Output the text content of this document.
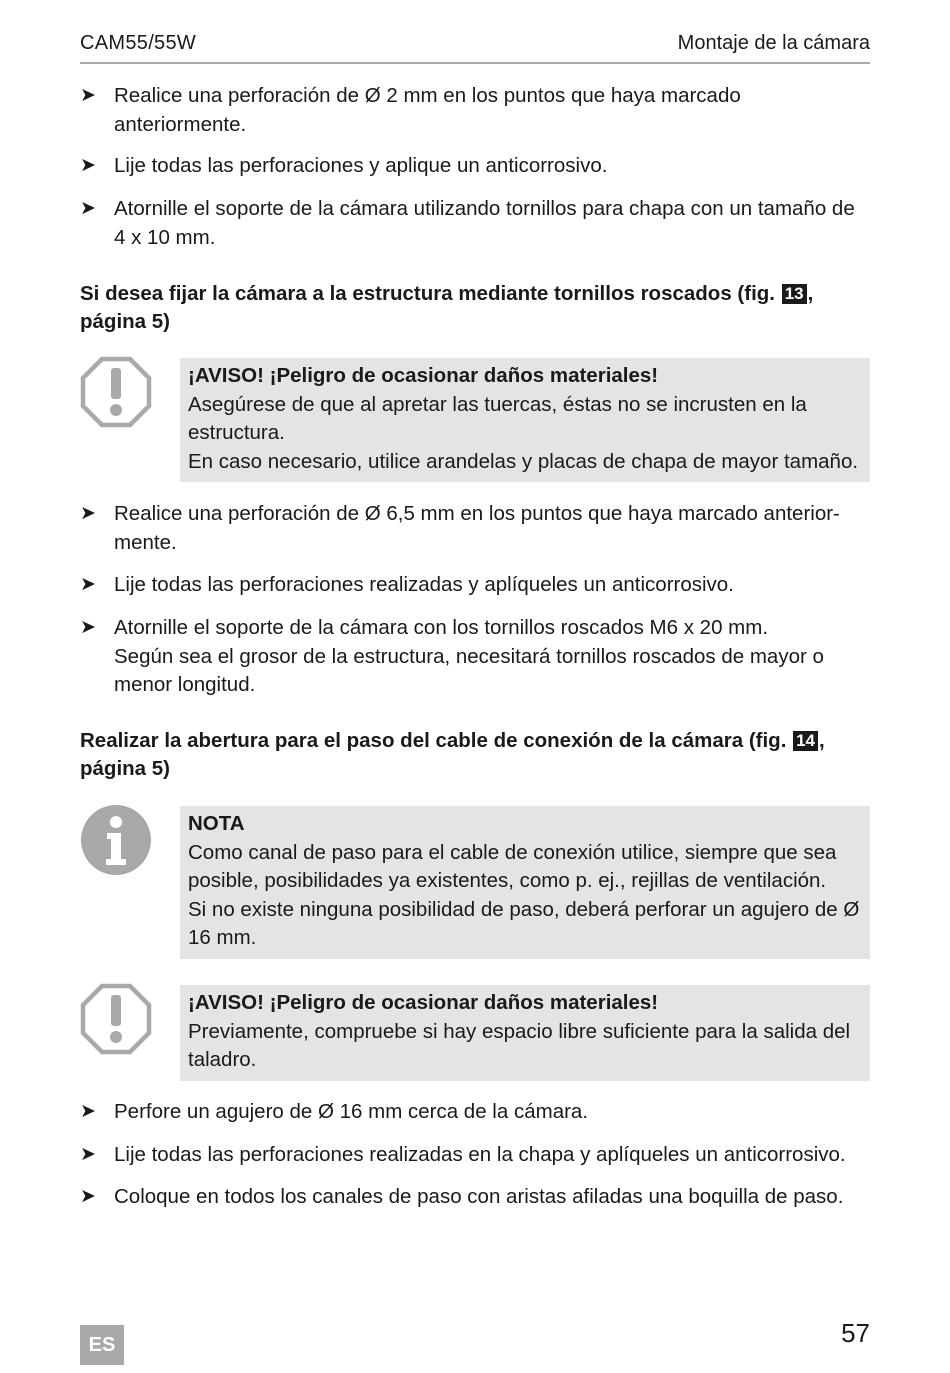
CAM55/55W	Montaje de la cámara
➤ Realice una perforación de Ø 2 mm en los puntos que haya marcado anteriormente.
➤ Lije todas las perforaciones y aplique un anticorrosivo.
➤ Atornille el soporte de la cámara utilizando tornillos para chapa con un tamaño de 4 x 10 mm.
Si desea fijar la cámara a la estructura mediante tornillos roscados (fig. 13 , página 5)
¡AVISO! ¡Peligro de ocasionar daños materiales!
Asegúrese de que al apretar las tuercas, éstas no se incrusten en la estructura.
En caso necesario, utilice arandelas y placas de chapa de mayor tamaño.
➤ Realice una perforación de Ø 6,5 mm en los puntos que haya marcado anterior-mente.
➤ Lije todas las perforaciones realizadas y aplíqueles un anticorrosivo.
➤ Atornille el soporte de la cámara con los tornillos roscados M6 x 20 mm.
Según sea el grosor de la estructura, necesitará tornillos roscados de mayor o menor longitud.
Realizar la abertura para el paso del cable de conexión de la cámara (fig. 14 , página 5)
NOTA
Como canal de paso para el cable de conexión utilice, siempre que sea posible, posibilidades ya existentes, como p. ej., rejillas de ventilación.
Si no existe ninguna posibilidad de paso, deberá perforar un agujero de Ø 16 mm.
¡AVISO! ¡Peligro de ocasionar daños materiales!
Previamente, compruebe si hay espacio libre suficiente para la salida del taladro.
➤ Perfore un agujero de Ø 16 mm cerca de la cámara.
➤ Lije todas las perforaciones realizadas en la chapa y aplíqueles un anticorrosivo.
➤ Coloque en todos los canales de paso con aristas afiladas una boquilla de paso.
ES	57
